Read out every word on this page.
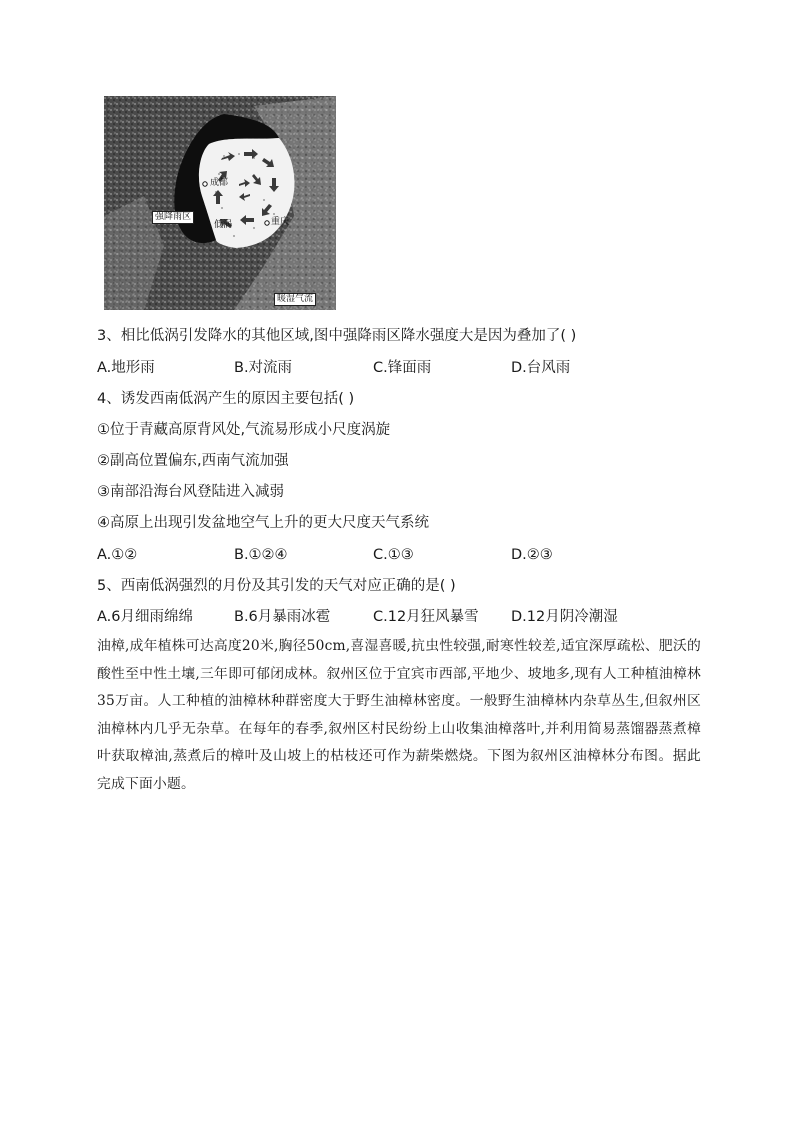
强降雨区
成都
低涡	重庆
暖湿气流
3、相比低涡引发降水的其他区域,图中强降雨区降水强度大是因为叠加了( )
A.地形雨	B.对流雨	C.锋面雨	D.台风雨
4、诱发西南低涡产生的原因主要包括( )
①位于青藏高原背风处,气流易形成小尺度涡旋
②副高位置偏东,西南气流加强
③南部沿海台风登陆进入减弱
④高原上出现引发盆地空气上升的更大尺度天气系统
A.①②	B.①②④	C.①③	D.②③
5、西南低涡强烈的月份及其引发的天气对应正确的是( )
A.6月细雨绵绵	B.6月暴雨冰雹	C.12月狂风暴雪 D.12月阴冷潮湿
油樟,成年植株可达高度20米,胸径50cm,喜湿喜暖,抗虫性较强,耐寒性较差,适宜深厚疏松、肥沃的酸性至中性土壤,三年即可郁闭成林。叙州区位于宜宾市西部,平地少、坡地多,现有人工种植油樟林35万亩。人工种植的油樟林种群密度大于野生油樟林密度。一般野生油樟林内杂草丛生,但叙州区油樟林内几乎无杂草。在每年的春季,叙州区村民纷纷上山收集油樟落叶,并利用简易蒸馏器蒸煮樟叶获取樟油,蒸煮后的樟叶及山坡上的枯枝还可作为薪柴燃烧。下图为叙州区油樟林分布图。据此完成下面小题。
